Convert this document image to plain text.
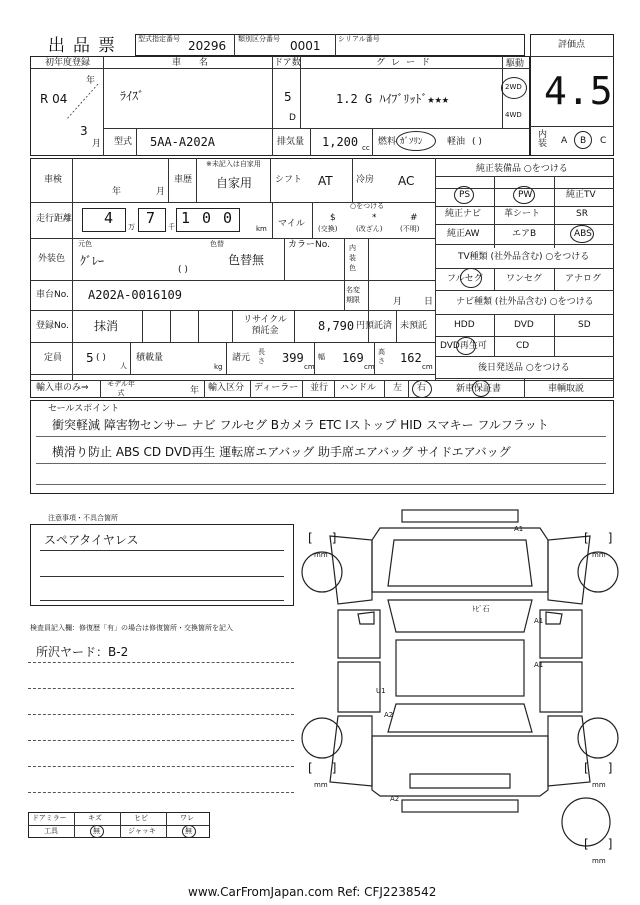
出品票 型式指定番号 20296 類別区分番号 0001 シリアル番号
評価点
4.5
内装 A B C
初年度登録
R 04
年
3
月
車名
ﾗｲｽﾞ
型式 5AA-A202A
ドア数
5
D
グレード
1.2 G ﾊｲﾌﾞﾘｯﾄﾞ★★★
駆動
2WD
4WD
排気量 1,200 cc
燃料 ｶﾞｿﾘﾝ	軽油 ( )
車検
年	月
車歴
※未記入は自家用
自家用	シフト AT	冷房 AC
走行距離 4 万 7 千 1 0 0
km マイル
○をつける
$
(交換)
*
(改ざん)
#
(不明)
外装色
元色
ｸﾞﾚｰ
色替
色替無
( )
カラーNo.	内装色
車台No. A202A-0016109	名変期限	月 日
登録No. 抹消	リサイクル預託金	8,790 円預託済 未預託
定員 5 ( )
人
積載量
kg
諸元
長さ 399
cm
幅 169
cm
高さ 162
cm
輸入車のみ⇒	モデル年式	年 輸入区分 ディーラー 並行 ハンドル 左 右
純正装備品 ○をつける
PS	PW	純正TV
純正ナビ	革シート	SR
純正AW	エアB	ABS
TV種類 (社外品含む) ○をつける
フルセグ	ワンセグ	アナログ
ナビ種類 (社外品含む) ○をつける
HDD	DVD	SD
DVD再生可	CD
後日発送品 ○をつける
新車保証書	車輌取説
セールスポイント
衝突軽減 障害物センサー ナビ フルセグ Bカメラ ETC Iストップ HID スマキー フルフラット
横滑り防止 ABS CD DVD再生 運転席エアバッグ 助手席エアバッグ サイドエアバッグ
注意事項・不具合箇所
スペアタイヤレス
検査員記入欄：修復歴「有」の場合は修復箇所・交換箇所を記入
所沢ヤード：B-2
ドアミラー	キズ	ヒビ	ワレ
工具	無	ジャッキ	無
A1
ﾄﾋﾞ石
A1
A1
U1
A2
A2
[     ]
mm
[     ]
mm
[     ]
mm
[     ]
mm
[     ]
mm
www.CarFromJapan.com Ref: CFJ2238542
